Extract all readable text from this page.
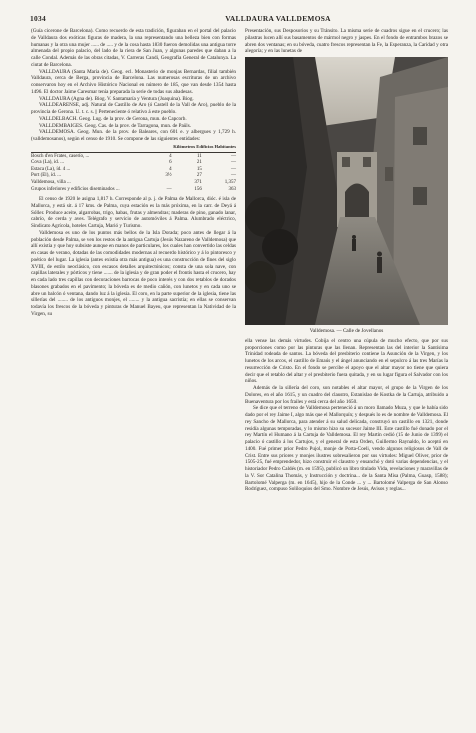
1034	VALLDAURA VALLDEMOSA

(Guía cicerone de Barcelona). Como recuerdo de esta tradición, figuraban en el portal del palacio de Valldaura dos exóticas figuras de madera, la una representando una belleza bien con formas humanas y la otra una mujer ...... de ..... y de la cosa hasta 1830 fueron demolidas una antigua torre almenada del propio palacio, del lado de la riera de San Juan, y algunas paredes que daban a la calle Condal. Además de las obras citadas, V. Carreras Candi, Geografía General de Catalunya. La ciutat de Barcelona.

VALLDAURA (Santa María de). Geog. ecl. Monasterio de monjas Bernardas, filial también Valldaura, cerca de Berga, provincia de Barcelona. Las numerosas escrituras de un archivo conservaron hoy en el Archivo Histórico Nacional en número de 185, que van desde 1354 hasta 1496. El doctor Jaime Caresmar tenía preparada la serie de todas sus abadesas.

VALLDAURA (Agna de). Biog. V. Santamaría y Ventura (Joaquina). Biog.

VALLDEARENSE, adj. Natural de Castillo de Aro (ó Castell de la Vall de Aro), pueblo de la provincia de Gerona. U. t. c. s. || Perteneciente ó relativo á este pueblo.

VALLDELBACH. Geog. Lug. de la prov. de Gerona, mun. de Capcorb.

VALLDEMBAIGES. Geog. Cas. de la prov. de Tarragona, mun. de Paüls.

VALLDEMOSA. Geog. Mun. de la prov. de Baleares, con 601 e. y albergues y 1,729 h. (valldemosanos), según el censo de 1910. Se compone de las siguientes entidades:

Kilómetros Edificios Habitantes
Bosch d'en Frates, caserío, ...	4	11	—
Cova (La), id. ...	6	21	—
Estaca (La), íd. 4 ...	4	15	—
Port (El), íd. ...	3½	27	—
Valldemosa, villa ...		371	1,357
Grupos inferiores y edificios diseminados ...	—	156	363

El censo de 1920 le asigna 1,817 h. Corresponde al p. j. de Palma de Mallorca, dióc. é isla de Mallorca, y está sit. á 17 kms. de Palma, cuya estación es la más próxima, en la carr. de Deyá á Sóller. Produce aceite, algarrobas, trigo, habas, frutas y almendras; maderas de pino, ganado lanar, cabrío, de cerda y aves. Telégrafo y servicio de automóviles á Palma. Alumbrado eléctrico, Sindicato Agrícola, hoteles Cartuja, Marió y Turismo.

Valldemosa es uno de los puntos más bellos de la Isla Dorada; poco antes de llegar á la población desde Palma, se ven los restos de la antigua Cartuja (Jesús Nazareno de Valldemosa) que allí existía y que hoy subsiste aunque en manos de particulares, los cuales han convertido las celdas en casas de verano, dotadas de las comodidades modernas al recuerdo histórico y á lo pintoresco y poético del lugar. La iglesia (antes existía otra más antigua) es una construcción de fines del siglo XVIII, de estilo neoclásico, con escasos detalles arquitectónicos; consta de una sola nave, con capillas laterales y pórticos y tiene ....... de la iglesia y de gran poder el frontis hasta el crucero, hay en cada lado tres capillas con decoraciones barrocas de poco interés y con dos retablos de dorados blasones grabados en el pavimento; la bóveda es de medio cañón, con lunetos y en cada uno se abre un balcón ó ventana, dando luz á la iglesia. El coro, en la parte superior de la iglesia, tiene las sillerías del ........ de los antiguos monjes, el ........ y la antigua sacristía; en ellas se conservan todavía los frescos de la bóveda y pinturas de Manuel Bayeu, que representan la Natividad de la Virgen, su

Presentación, sus Desposorios y su Tránsito. La misma serie de cuadros sigue en el crucero; las pilastras lucen allí sus basamentos de mármol negro y jaspes. En el fondo de entrambos brazos se abren dos ventanas; en su bóveda, cuatro frescos representan la Fe, la Esperanza, la Caridad y otra alegoría; y en las lunetas de

Valldemosa. — Calle de Jovellanos

ella vense las demás virtudes. Cobija el centro una cúpula de mucho efecto, que por sus proporciones como por las pinturas que las llenan. Representan las del interior la Santísima Trinidad rodeada de santos. La bóveda del presbiterio contiene la Asunción de la Virgen, y los lunetos de los arcos, el castillo de Emaús y el ángel anunciando en el sepulcro á las tres Marías la resurrección de Cristo. En el fondo se percibe el apoyo que el altar mayor no tiene que quiera decir que el retablo del altar y el presbiterio fuera quitada, y en su lugar figura el Salvador con los niños.

Además de la sillería del coro, son notables el altar mayor, el grupo de la Virgen de los Dolores, en el año 1615, y un cuadro del claustro, Estanislao de Kostka de la Cartuja, atribuido a Buenaventura por los frailes y está cerca del año 1650.

Se dice que el terreno de Valldemosa perteneció á un moro llamado Muza, y que le había sido dado por el rey Jaime I, algo más que el Mallorquín; y después lo es de nombre de Valldemosa. El rey Sancho de Mallorca, para atender á su salud delicada, construyó un castillo en 1321, donde residía algunas temporadas, y lo mismo hizo su sucesor Jaime III. Este castillo fué donado por el rey Martín el Humano á la Cartuja de Valldemosa. El rey Martín cedió (15 de Junio de 1399) el palacio ó castillo á los Cartujos, y el general de esta Orden, Guillermo Raynaldo, lo aceptó en 1400. Fué primer prior Pedro Pujol, monje de Porta-Coeli, vendo algunos religiosos de Vall de Crist. Entre sus priores y monjes ilustres sobresalieron por sus virtudes: Miguel Oliver, prior de 1505-25, fué emprendedor, hizo construir el claustro y ensanchó y dotó varias dependencias, y el historiador Pedro Caldés (m. en 1595), publicó un libro titulado Vida, revelaciones y maravillas de la V. Sor Catalina Thomás, y Instrucción y doctrina... de la Santa Misa (Palma, Guasp, 1588); Bartolomé Valperga (m. en 1645), hijo de la Conde ... y ... Bartolomé Valperga de San Alonso Rodríguez, compuso Soliloquios del Smo. Nombre de Jesús, Avisos y reglas...
